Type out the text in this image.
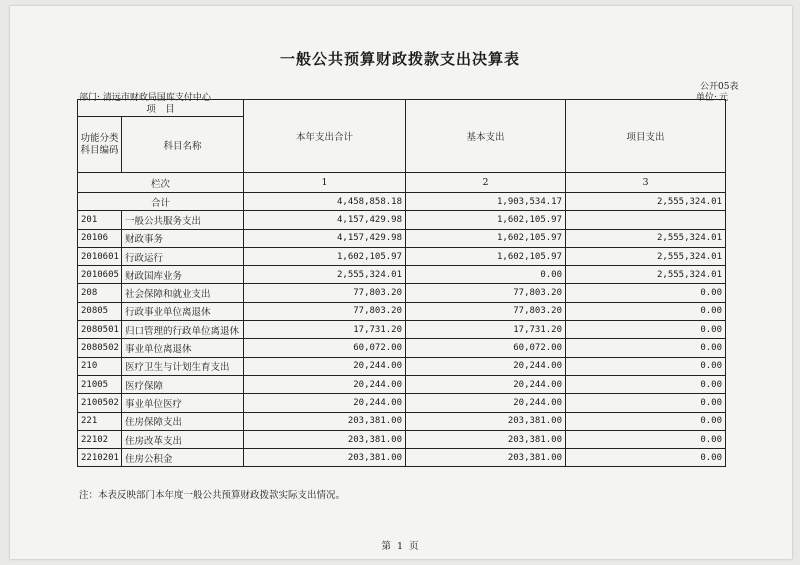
一般公共预算财政拨款支出决算表
公开05表
单位: 元
部门: 清远市财政局国库支付中心
项　目		本年支出合计	基本支出	项目支出
功能分类科目编码	科目名称			
栏次		1	2	3
合计		4,458,858.18	1,903,534.17	2,555,324.01
201	一般公共服务支出	4,157,429.98	1,602,105.97	
20106	财政事务	4,157,429.98	1,602,105.97	2,555,324.01
2010601	行政运行	1,602,105.97	1,602,105.97	2,555,324.01
2010605	财政国库业务	2,555,324.01	0.00	2,555,324.01
208	社会保障和就业支出	77,803.20	77,803.20	0.00
20805	行政事业单位离退休	77,803.20	77,803.20	0.00
2080501	归口管理的行政单位离退休	17,731.20	17,731.20	0.00
2080502	事业单位离退休	60,072.00	60,072.00	0.00
210	医疗卫生与计划生育支出	20,244.00	20,244.00	0.00
21005	医疗保障	20,244.00	20,244.00	0.00
2100502	事业单位医疗	20,244.00	20,244.00	0.00
221	住房保障支出	203,381.00	203,381.00	0.00
22102	住房改革支出	203,381.00	203,381.00	0.00
2210201	住房公积金	203,381.00	203,381.00	0.00
注：本表反映部门本年度一般公共预算财政拨款实际支出情况。
第 1 页
